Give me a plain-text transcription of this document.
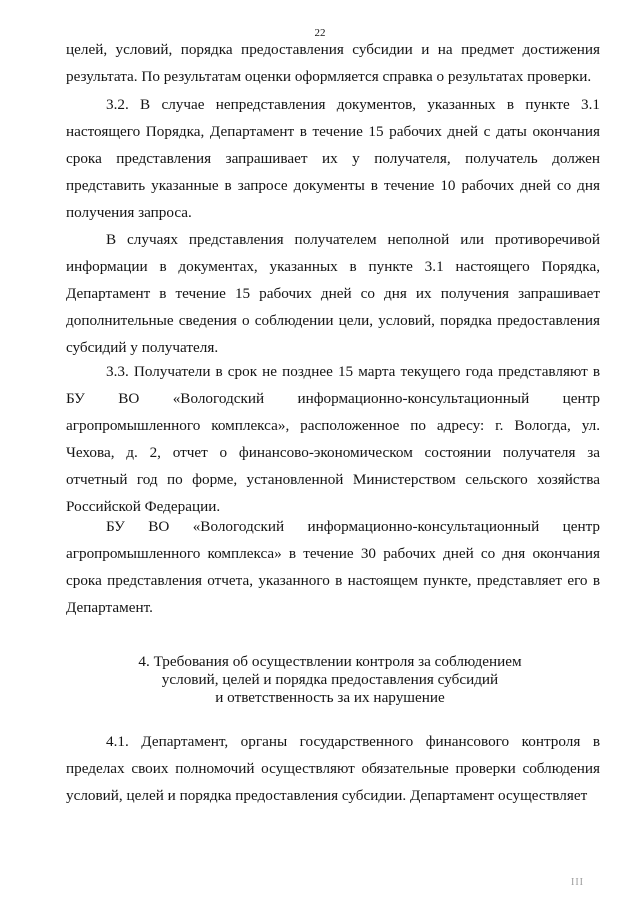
22

целей, условий, порядка предоставления субсидии и на предмет достижения результата. По результатам оценки оформляется справка о результатах проверки.

3.2. В случае непредставления документов, указанных в пункте 3.1 настоящего Порядка, Департамент в течение 15 рабочих дней с даты окончания срока представления запрашивает их у получателя, получатель должен представить указанные в запросе документы в течение 10 рабочих дней со дня получения запроса.

В случаях представления получателем неполной или противоречивой информации в документах, указанных в пункте 3.1 настоящего Порядка, Департамент в течение 15 рабочих дней со дня их получения запрашивает дополнительные сведения о соблюдении цели, условий, порядка предоставления субсидий у получателя.

3.3. Получатели в срок не позднее 15 марта текущего года представляют в БУ ВО «Вологодский информационно-консультационный центр агропромышленного комплекса», расположенное по адресу: г. Вологда, ул. Чехова, д. 2, отчет о финансово-экономическом состоянии получателя за отчетный год по форме, установленной Министерством сельского хозяйства Российской Федерации.

БУ ВО «Вологодский информационно-консультационный центр агропромышленного комплекса» в течение 30 рабочих дней со дня окончания срока представления отчета, указанного в настоящем пункте, представляет его в Департамент.

4. Требования об осуществлении контроля за соблюдением
условий, целей и порядка предоставления субсидий
и ответственность за их нарушение

4.1. Департамент, органы государственного финансового контроля в пределах своих полномочий осуществляют обязательные проверки соблюдения условий, целей и порядка предоставления субсидии. Департамент осуществляет

III
